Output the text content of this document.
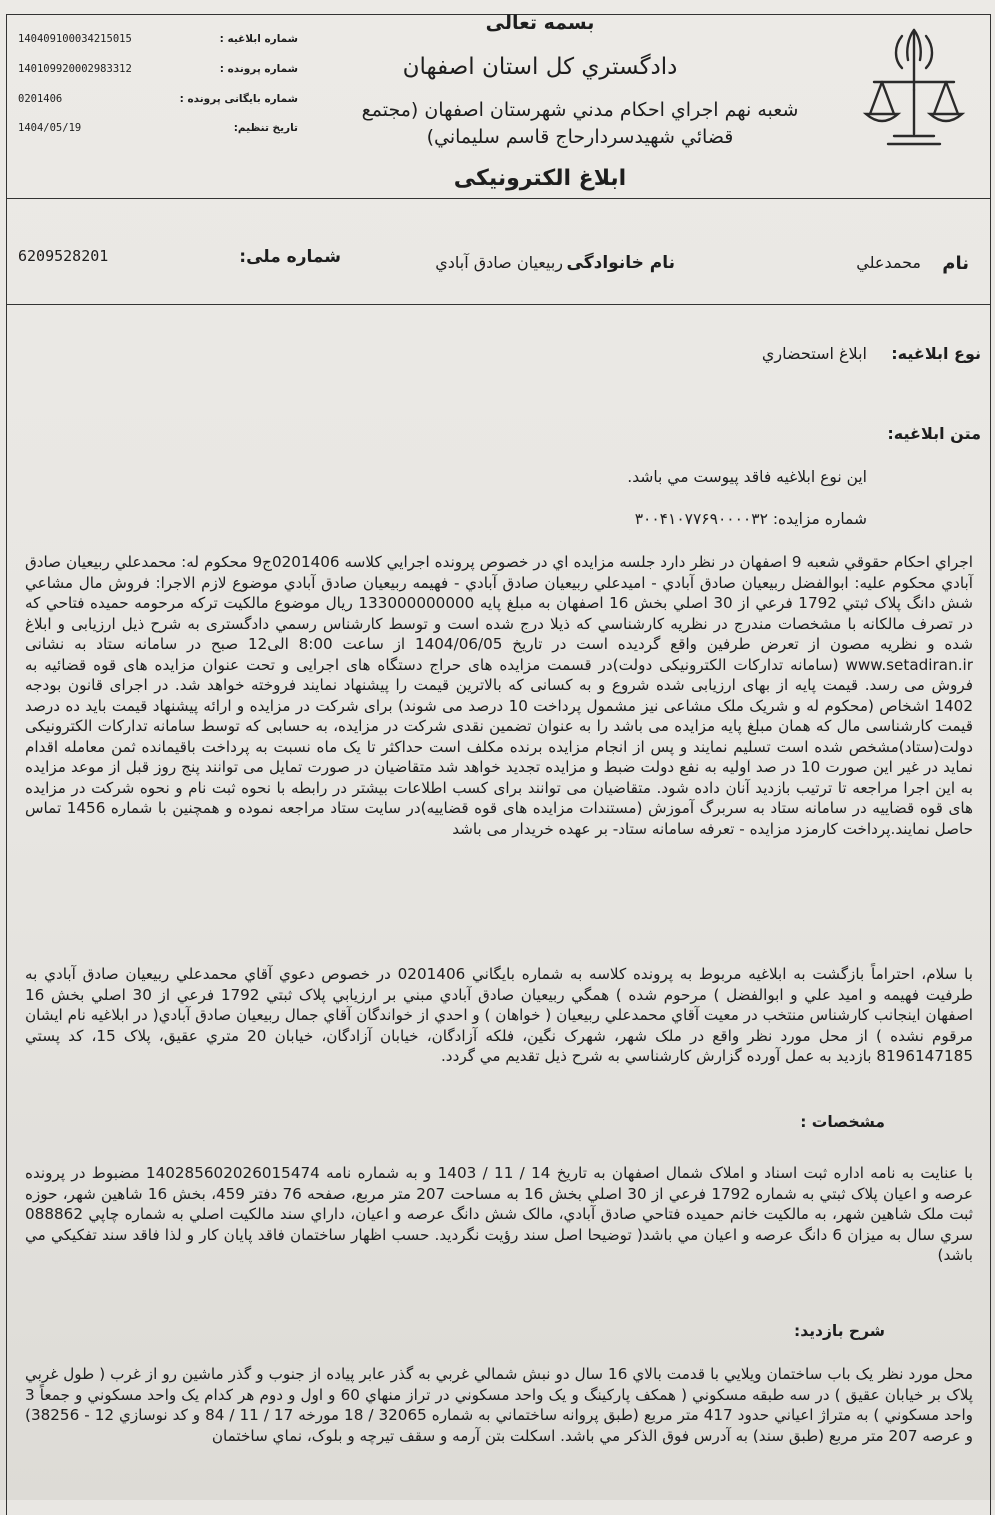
140409100034215015	شماره ابلاغیه :
140109920002983312	شماره پرونده :
0201406	شماره بایگانی پرونده :
1404/05/19	تاریخ تنظیم:
بسمه تعالی
دادگستري کل استان اصفهان
شعبه نهم اجراي احکام مدني شهرستان اصفهان (مجتمع
قضائي شهيدسردارحاج قاسم سليماني)
ابلاغ الکترونيکی
نام
محمدعلي
نام خانوادگی
ربیعیان صادق آبادي
شماره ملی:
6209528201
نوع ابلاغیه:
ابلاغ استحضاري
متن ابلاغیه:
اين نوع ابلاغيه فاقد پيوست مي باشد.
شماره مزايده: ۳۰۰۴۱۰۷۷۶۹۰۰۰۰۳۲

اجراي احکام حقوقي شعبه 9 اصفهان در نظر دارد جلسه مزايده اي در خصوص پرونده اجرايي کلاسه 0201406ج9 محکوم له: محمدعلي ربيعيان صادق آبادي محکوم عليه: ابوالفضل ربيعيان صادق آبادي - اميدعلي ربيعيان صادق آبادي - فهيمه ربيعيان صادق آبادي موضوع لازم الاجرا: فروش مال مشاعي شش دانگ پلاک ثبتي 1792 فرعي از 30 اصلي بخش 16 اصفهان به مبلغ پايه 133000000000 ريال موضوع مالکيت ترکه مرحومه حميده فتاحي که در تصرف مالکانه با مشخصات مندرج در نظريه کارشناسي که ذيلا درج شده است و توسط کارشناس رسمي دادگستری به شرح ذيل ارزيابی و ابلاغ شده و نظريه مصون از تعرض طرفين واقع گرديده است در تاريخ 1404/06/05 از ساعت 8:00 الی12 صبح در سامانه ستاد به نشانی www.setadiran.ir (سامانه تدارکات الکترونيکی دولت)در قسمت مزايده های حراج دستگاه های اجرايی و تحت عنوان مزايده های قوه قضائيه به فروش می رسد. قيمت پايه از بهای ارزيابی شده شروع و به کسانی که بالاترين قيمت را پيشنهاد نمايند فروخته خواهد شد. در اجرای قانون بودجه 1402 اشخاص (محکوم له و شريک ملک مشاعی نيز مشمول پرداخت 10 درصد می شوند) برای شرکت در مزايده و ارائه پيشنهاد قيمت بايد ده درصد قيمت کارشناسی مال که همان مبلغ پايه مزايده می باشد را به عنوان تضمين نقدی شرکت در مزايده، به حسابی که توسط سامانه تدارکات الکترونيکی دولت(ستاد)مشخص شده است تسليم نمايند و پس از انجام مزايده برنده مکلف است حداکثر تا يک ماه نسبت به پرداخت باقيمانده ثمن معامله اقدام نمايد در غير اين صورت 10 در صد اوليه به نفع دولت ضبط و مزايده تجديد خواهد شد متقاضيان در صورت تمايل می توانند پنج روز قبل از موعد مزايده به اين اجرا مراجعه تا ترتيب بازديد آنان داده شود. متقاضيان می توانند برای کسب اطلاعات بيشتر در رابطه با نحوه ثبت نام و نحوه شرکت در مزايده های قوه قضاييه در سامانه ستاد به سربرگ آموزش (مستندات مزايده های قوه قضاييه)در سايت ستاد مراجعه نموده و همچنين با شماره 1456 تماس حاصل نمايند.پرداخت کارمزد مزايده - تعرفه سامانه ستاد- بر عهده خريدار می باشد

با سلام، احتراماً بازگشت به ابلاغيه مربوط به پرونده کلاسه به شماره بايگاني 0201406 در خصوص دعوي آقاي محمدعلي ربيعيان صادق آبادي به طرفيت فهيمه و اميد علي و ابوالفضل ) مرحوم شده ) همگي ربيعيان صادق آبادي مبني بر ارزيابي پلاک ثبتي 1792 فرعي از 30 اصلي بخش 16 اصفهان اينجانب کارشناس منتخب در معيت آقاي محمدعلي ربيعيان ( خواهان ) و احدي از خواندگان آقاي جمال ربيعيان صادق آبادي( در ابلاغيه نام ايشان مرقوم نشده ) از محل مورد نظر واقع در ملک شهر، شهرک نگين، فلکه آزادگان، خيابان آزادگان، خيابان 20 متري عقيق، پلاک 15، کد پستي 8196147185 بازديد به عمل آورده گزارش کارشناسي به شرح ذيل تقديم مي گردد.

مشخصات :

با عنايت به نامه اداره ثبت اسناد و املاک شمال اصفهان به تاريخ 14 / 11 / 1403 و به شماره نامه 140285602026015474 مضبوط در پرونده عرصه و اعيان پلاک ثبتي به شماره 1792 فرعي از 30 اصلي بخش 16 به مساحت 207 متر مربع، صفحه 76 دفتر 459، بخش 16 شاهين شهر، حوزه ثبت ملک شاهين شهر، به مالکيت خانم حميده فتاحي صادق آبادي، مالک شش دانگ عرصه و اعيان، داراي سند مالکيت اصلي به شماره چاپي 088862 سري سال به ميزان 6 دانگ عرصه و اعيان مي باشد( توضيحا اصل سند رؤيت نگرديد. حسب اظهار ساختمان فاقد پايان کار و لذا فاقد سند تفکيکي مي باشد)

شرح بازديد:

محل مورد نظر يک باب ساختمان ويلايي با قدمت بالاي 16 سال دو نبش شمالي غربي به گذر عابر پياده از جنوب و گذر ماشين رو از غرب ( طول غربي پلاک بر خيابان عقيق ) در سه طبقه مسکوني ( همکف پارکينگ و يک واحد مسکوني در تراز منهاي 60 و اول و دوم هر کدام يک واحد مسکوني و جمعاً 3 واحد مسکوني ) به متراژ اعياني حدود 417 متر مربع (طبق پروانه ساختماني به شماره 32065 / 18 مورخه 17 / 11 / 84 و کد نوسازي 12 - 38256) و عرصه 207 متر مربع (طبق سند) به آدرس فوق الذکر مي باشد. اسکلت بتن آرمه و سقف تيرچه و بلوک، نماي ساختمان
